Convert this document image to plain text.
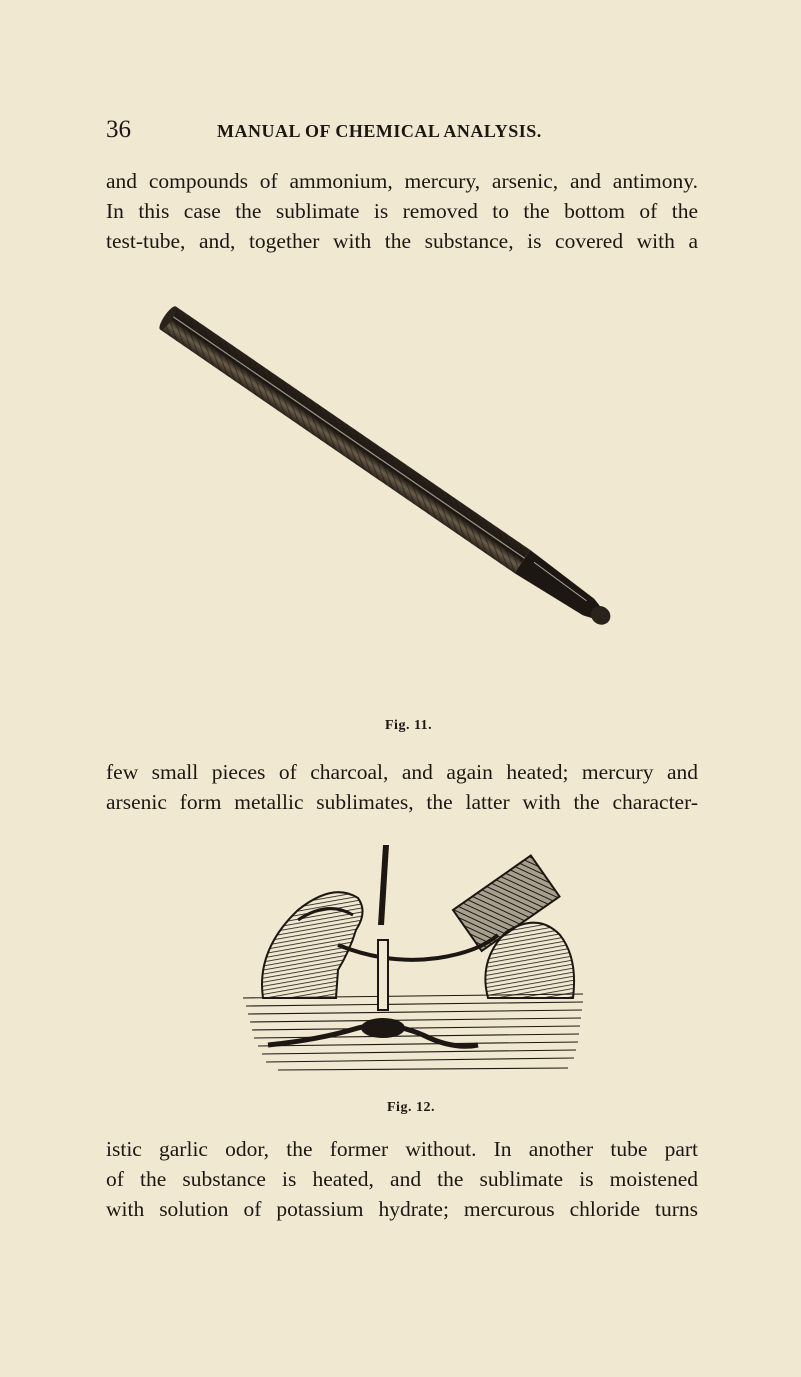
36	MANUAL OF CHEMICAL ANALYSIS.

and compounds of ammonium, mercury, arsenic, and antimony.
In this case the sublimate is removed to the bottom of the
test-tube, and, together with the substance, is covered with a

Fig. 11.

few small pieces of charcoal, and again heated; mercury and
arsenic form metallic sublimates, the latter with the character-

Fig. 12.

istic garlic odor, the former without. In another tube part
of the substance is heated, and the sublimate is moistened
with solution of potassium hydrate; mercurous chloride turns
